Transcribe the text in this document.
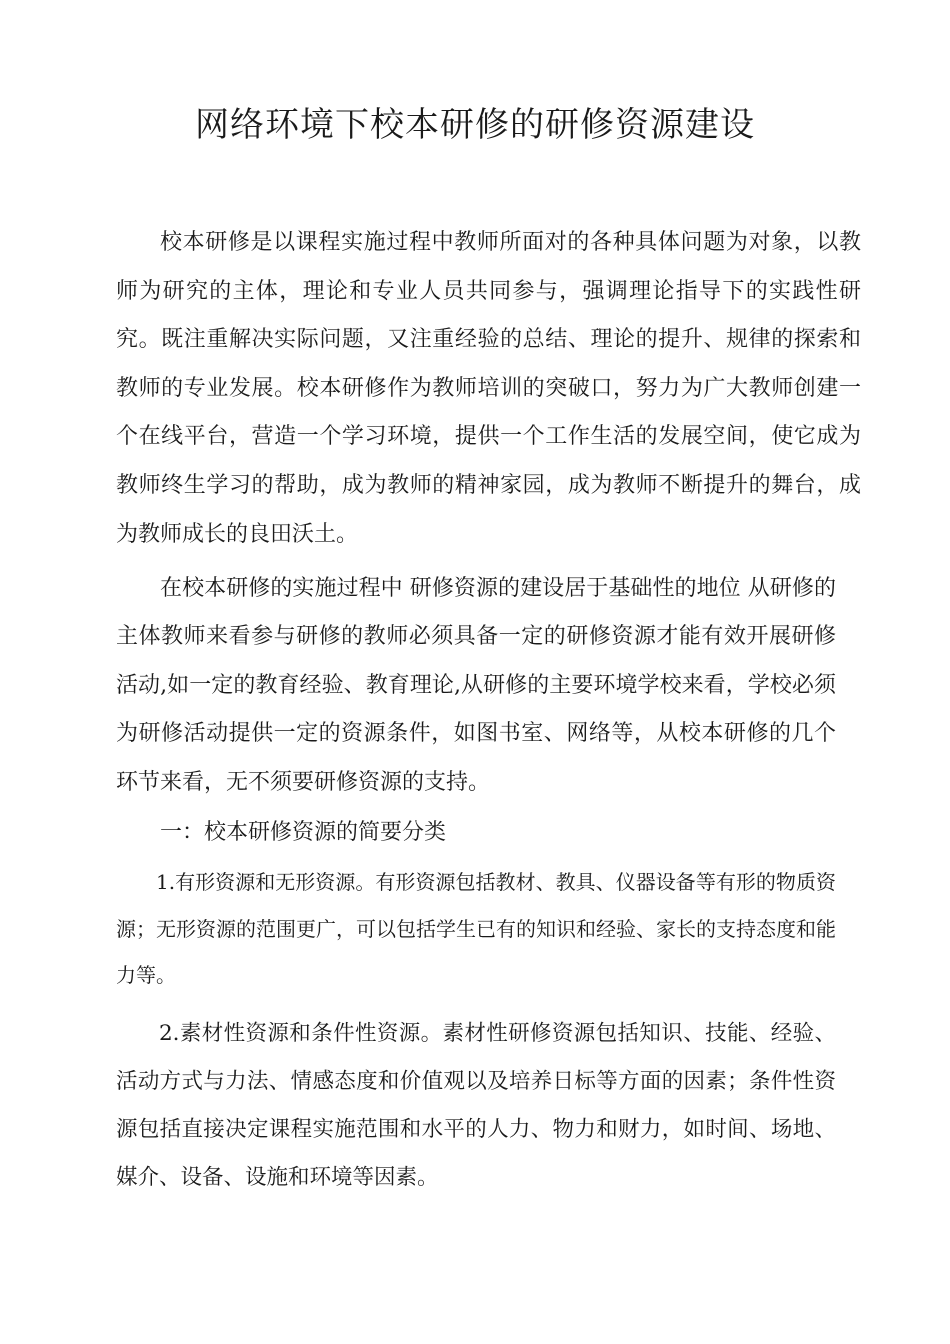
网络环境下校本研修的研修资源建设

校本研修是以课程实施过程中教师所面对的各种具体问题为对象，以教师为研究的主体，理论和专业人员共同参与，强调理论指导下的实践性研究。既注重解决实际问题，又注重经验的总结、理论的提升、规律的探索和教师的专业发展。校本研修作为教师培训的突破口，努力为广大教师创建一个在线平台，营造一个学习环境，提供一个工作生活的发展空间，使它成为教师终生学习的帮助，成为教师的精神家园，成为教师不断提升的舞台，成为教师成长的良田沃土。

在校本研修的实施过程中 研修资源的建设居于基础性的地位 从研修的主体教师来看参与研修的教师必须具备一定的研修资源才能有效开展研修活动,如一定的教育经验、教育理论,从研修的主要环境学校来看，学校必须为研修活动提供一定的资源条件，如图书室、网络等，从校本研修的几个环节来看，无不须要研修资源的支持。

一：校本研修资源的简要分类

1.有形资源和无形资源。有形资源包括教材、教具、仪器设备等有形的物质资源；无形资源的范围更广，可以包括学生已有的知识和经验、家长的支持态度和能力等。

2.素材性资源和条件性资源。素材性研修资源包括知识、技能、经验、活动方式与力法、情感态度和价值观以及培养日标等方面的因素；条件性资源包括直接决定课程实施范围和水平的人力、物力和财力，如时间、场地、媒介、设备、设施和环境等因素。
